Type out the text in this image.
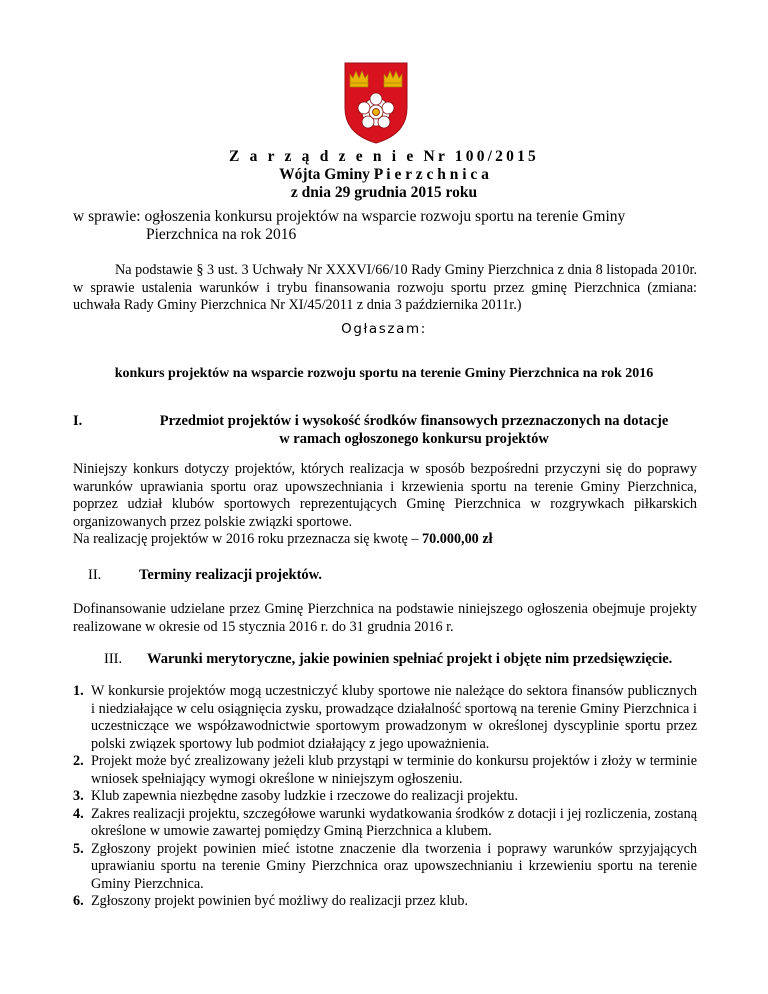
Z a r z ą d z e n i e Nr 100/2015
Wójta Gminy P i e r z c h n i c a
z dnia 29 grudnia 2015 roku
w sprawie: ogłoszenia konkursu projektów na wsparcie rozwoju sportu na terenie Gminy
Pierzchnica na rok 2016

Na podstawie § 3 ust. 3 Uchwały Nr XXXVI/66/10 Rady Gminy Pierzchnica z dnia 8 listopada 2010r. w sprawie ustalenia warunków i trybu finansowania rozwoju sportu przez gminę Pierzchnica (zmiana: uchwała Rady Gminy Pierzchnica Nr XI/45/2011 z dnia 3 października 2011r.)

Ogłaszam:
konkurs projektów na wsparcie rozwoju sportu na terenie Gminy Pierzchnica na rok 2016
I.	Przedmiot projektów i wysokość środków finansowych przeznaczonych na dotacje
w ramach ogłoszonego konkursu projektów

Niniejszy konkurs dotyczy projektów, których realizacja w sposób bezpośredni przyczyni się do poprawy warunków uprawiania sportu oraz upowszechniania i krzewienia sportu na terenie Gminy Pierzchnica, poprzez udział klubów sportowych reprezentujących Gminę Pierzchnica w rozgrywkach piłkarskich organizowanych przez polskie związki sportowe.

Na realizację projektów w 2016 roku przeznacza się kwotę – 70.000,00 zł

II.	Terminy realizacji projektów.

Dofinansowanie udzielane przez Gminę Pierzchnica na podstawie niniejszego ogłoszenia obejmuje projekty realizowane w okresie od 15 stycznia 2016 r. do 31 grudnia 2016 r.

III. Warunki merytoryczne, jakie powinien spełniać projekt i objęte nim przedsięwzięcie.
1. W konkursie projektów mogą uczestniczyć kluby sportowe nie należące do sektora finansów publicznych i niedziałające w celu osiągnięcia zysku, prowadzące działalność sportową na terenie Gminy Pierzchnica i uczestniczące we współzawodnictwie sportowym prowadzonym w określonej dyscyplinie sportu przez polski związek sportowy lub podmiot działający z jego upoważnienia.
2. Projekt może być zrealizowany jeżeli klub przystąpi w terminie do konkursu projektów i złoży w terminie wniosek spełniający wymogi określone w niniejszym ogłoszeniu.
3. Klub zapewnia niezbędne zasoby ludzkie i rzeczowe do realizacji projektu.
4. Zakres realizacji projektu, szczegółowe warunki wydatkowania środków z dotacji i jej rozliczenia, zostaną określone w umowie zawartej pomiędzy Gminą Pierzchnica a klubem.
5. Zgłoszony projekt powinien mieć istotne znaczenie dla tworzenia i poprawy warunków sprzyjających uprawianiu sportu na terenie Gminy Pierzchnica oraz upowszechnianiu i krzewieniu sportu na terenie Gminy Pierzchnica.
6. Zgłoszony projekt powinien być możliwy do realizacji przez klub.
